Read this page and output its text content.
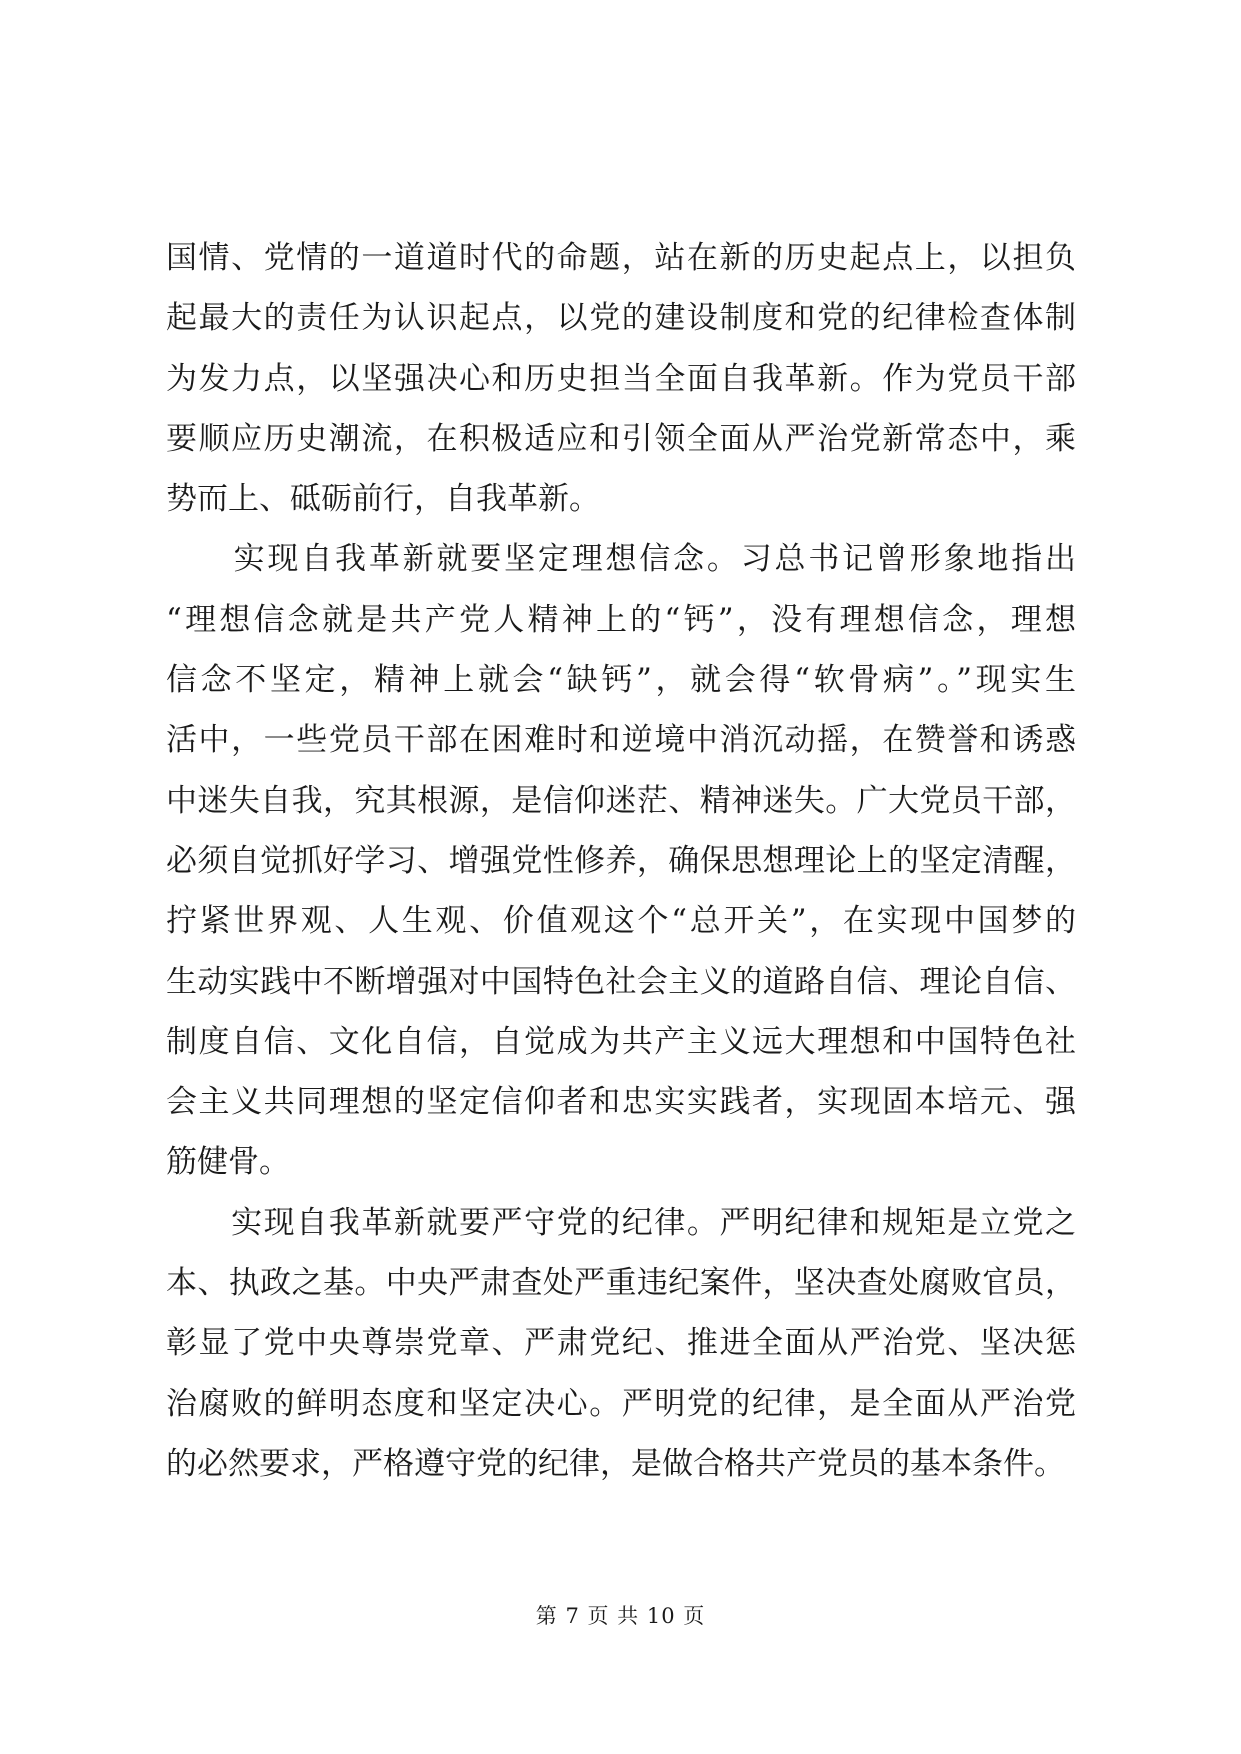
国情、党情的一道道时代的命题，站在新的历史起点上，以担负
起最大的责任为认识起点，以党的建设制度和党的纪律检查体制
为发力点，以坚强决心和历史担当全面自我革新。作为党员干部
要顺应历史潮流，在积极适应和引领全面从严治党新常态中，乘
势而上、砥砺前行，自我革新。
　　实现自我革新就要坚定理想信念。习总书记曾形象地指出
“理想信念就是共产党人精神上的“钙”，没有理想信念，理想
信念不坚定，精神上就会“缺钙”，就会得“软骨病”。”现实生
活中，一些党员干部在困难时和逆境中消沉动摇，在赞誉和诱惑
中迷失自我，究其根源，是信仰迷茫、精神迷失。广大党员干部，
必须自觉抓好学习、增强党性修养，确保思想理论上的坚定清醒，
拧紧世界观、人生观、价值观这个“总开关”，在实现中国梦的
生动实践中不断增强对中国特色社会主义的道路自信、理论自信、
制度自信、文化自信，自觉成为共产主义远大理想和中国特色社
会主义共同理想的坚定信仰者和忠实实践者，实现固本培元、强
筋健骨。
　　实现自我革新就要严守党的纪律。严明纪律和规矩是立党之
本、执政之基。中央严肃查处严重违纪案件，坚决查处腐败官员，
彰显了党中央尊崇党章、严肃党纪、推进全面从严治党、坚决惩
治腐败的鲜明态度和坚定决心。严明党的纪律，是全面从严治党
的必然要求，严格遵守党的纪律，是做合格共产党员的基本条件。
第 7 页 共 10 页
